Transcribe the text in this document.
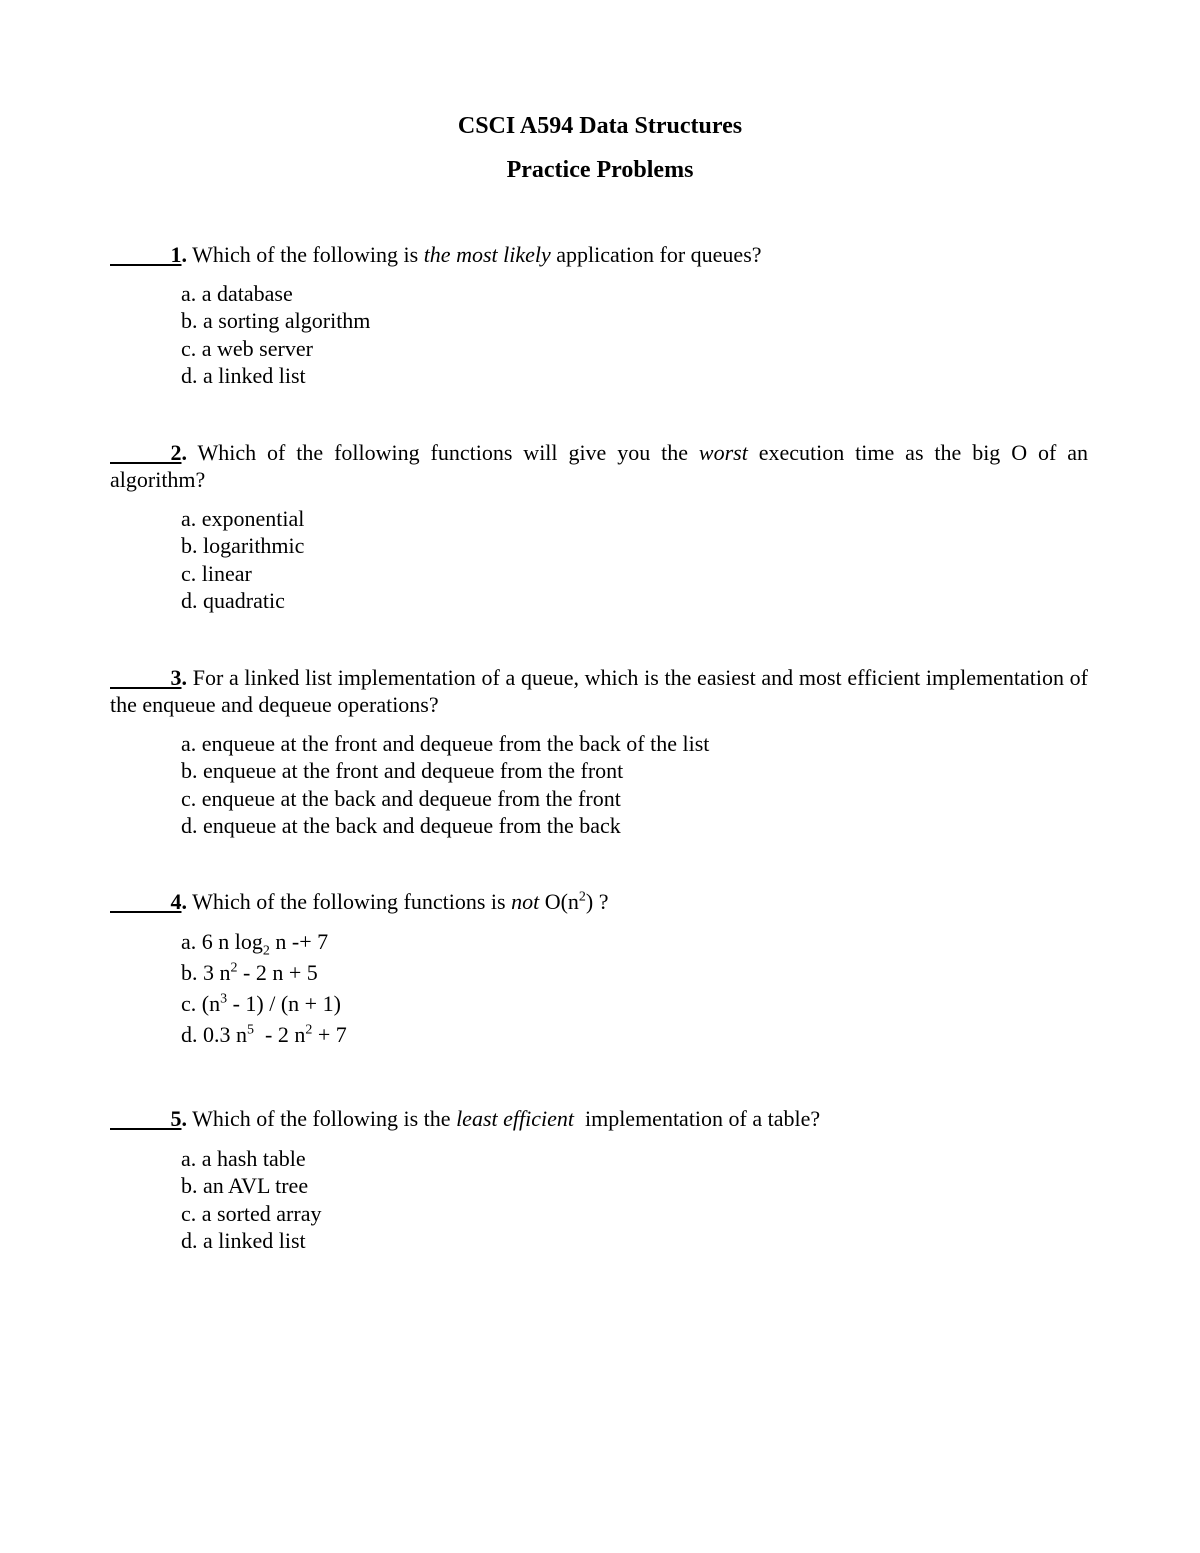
CSCI A594 Data Structures
Practice Problems
1. Which of the following is the most likely application for queues?
a. a database
b. a sorting algorithm
c. a web server
d. a linked list
2. Which of the following functions will give you the worst execution time as the big O of an algorithm?
a. exponential
b. logarithmic
c. linear
d. quadratic
3. For a linked list implementation of a queue, which is the easiest and most efficient implementation of the enqueue and dequeue operations?
a. enqueue at the front and dequeue from the back of the list
b. enqueue at the front and dequeue from the front
c. enqueue at the back and dequeue from the front
d. enqueue at the back and dequeue from the back
4. Which of the following functions is not $O(n^2)$ ?
a. 6 n $\log_2 n -+ 7$
b. 3 $n^2 - 2$ n + 5
c. $(n^3 - 1) / (n + 1)$
d. 0.3 $n^5 - 2$ $n^2 + 7$
5. Which of the following is the least efficient  implementation of a table?
a. a hash table
b. an AVL tree
c. a sorted array
d. a linked list
